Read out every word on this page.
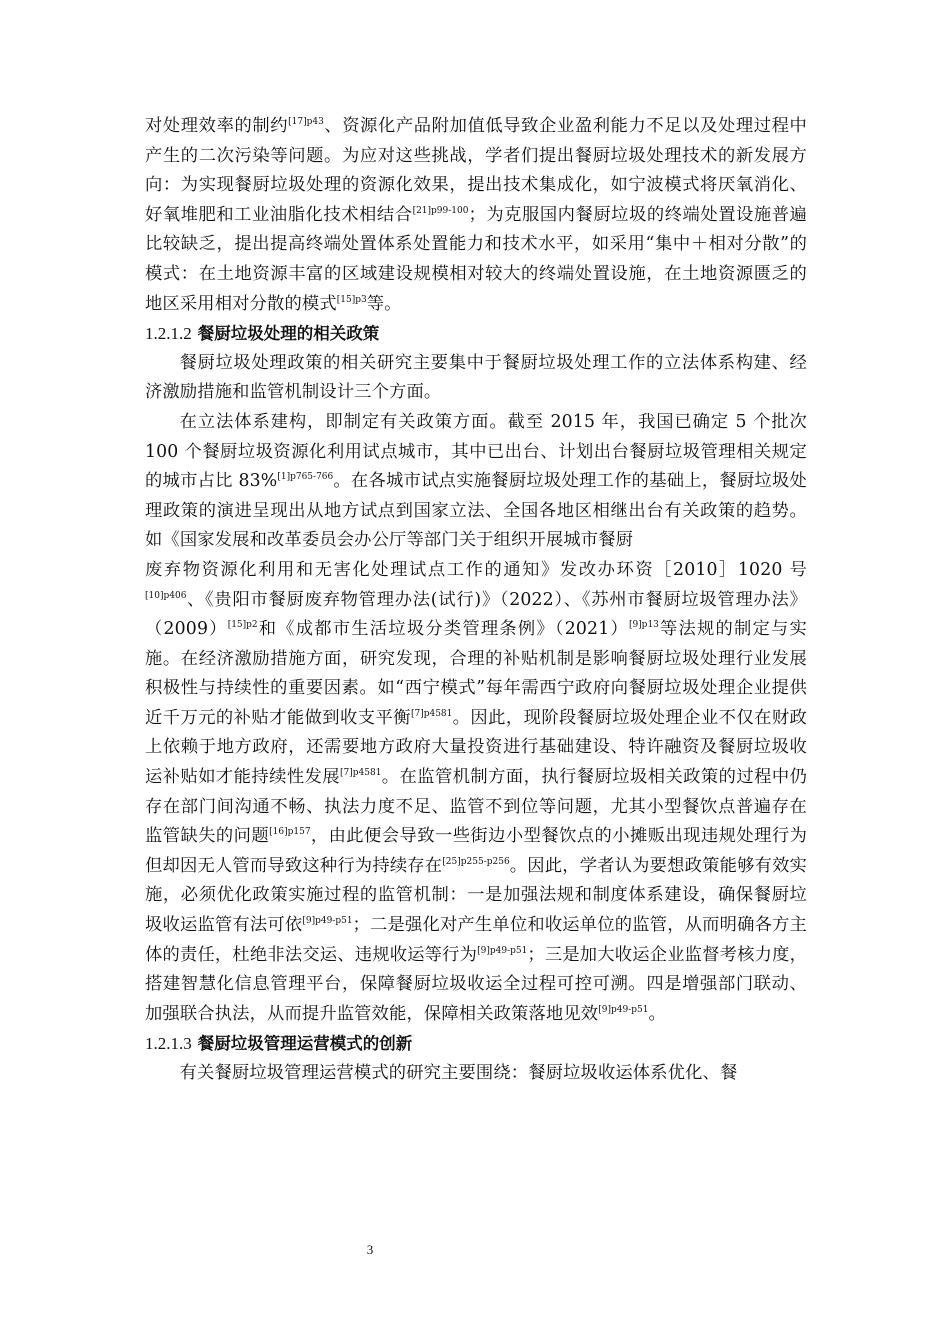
对处理效率的制约$^{[17]p43}$、资源化产品附加值低导致企业盈利能力不足以及处理过程中产生的二次污染等问题。为应对这些挑战，学者们提出餐厨垃圾处理技术的新发展方向：为实现餐厨垃圾处理的资源化效果，提出技术集成化，如宁波模式将厌氧消化、好氧堆肥和工业油脂化技术相结合$^{[21]p99-100}$；为克服国内餐厨垃圾的终端处置设施普遍比较缺乏，提出提高终端处置体系处置能力和技术水平，如采用“集中＋相对分散”的模式：在土地资源丰富的区域建设规模相对较大的终端处置设施，在土地资源匮乏的地区采用相对分散的模式$^{[15]p3}$等。

1.2.1.2 餐厨垃圾处理的相关政策

餐厨垃圾处理政策的相关研究主要集中于餐厨垃圾处理工作的立法体系构建、经济激励措施和监管机制设计三个方面。

在立法体系建构，即制定有关政策方面。截至 2015 年，我国已确定 5 个批次 100 个餐厨垃圾资源化利用试点城市，其中已出台、计划出台餐厨垃圾管理相关规定的城市占比 83%$^{[1]p765-766}$。在各城市试点实施餐厨垃圾处理工作的基础上，餐厨垃圾处理政策的演进呈现出从地方试点到国家立法、全国各地区相继出台有关政策的趋势。如《国家发展和改革委员会办公厅等部门关于组织开展城市餐厨

废弃物资源化利用和无害化处理试点工作的通知》发改办环资［2010］1020 号$^{[10]p406}$、《贵阳市餐厨废弃物管理办法(试行)》（2022）、《苏州市餐厨垃圾管理办法》$(2009)^{[15]p2}$和《成都市生活垃圾分类管理条例》$(2021)^{[9]p13}$等法规的制定与实施。在经济激励措施方面，研究发现，合理的补贴机制是影响餐厨垃圾处理行业发展积极性与持续性的重要因素。如“西宁模式”每年需西宁政府向餐厨垃圾处理企业提供近千万元的补贴才能做到收支平衡$^{[7]p4581}$。因此，现阶段餐厨垃圾处理企业不仅在财政上依赖于地方政府，还需要地方政府大量投资进行基础建设、特许融资及餐厨垃圾收运补贴如才能持续性发展$^{[7]p4581}$。在监管机制方面，执行餐厨垃圾相关政策的过程中仍存在部门间沟通不畅、执法力度不足、监管不到位等问题，尤其小型餐饮点普遍存在监管缺失的问题$^{[16]p157}$，由此便会导致一些街边小型餐饮点的小摊贩出现违规处理行为但却因无人管而导致这种行为持续存在$^{[25]p255-p256}$。因此，学者认为要想政策能够有效实施，必须优化政策实施过程的监管机制：一是加强法规和制度体系建设，确保餐厨垃圾收运监管有法可依$^{[9]p49-p51}$；二是强化对产生单位和收运单位的监管，从而明确各方主体的责任，杜绝非法交运、违规收运等行为$^{[9]p49-p51}$；三是加大收运企业监督考核力度，搭建智慧化信息管理平台，保障餐厨垃圾收运全过程可控可溯。四是增强部门联动、加强联合执法，从而提升监管效能，保障相关政策落地见效$^{[9]p49-p51}$。

1.2.1.3 餐厨垃圾管理运营模式的创新

有关餐厨垃圾管理运营模式的研究主要围绕：餐厨垃圾收运体系优化、餐

3
